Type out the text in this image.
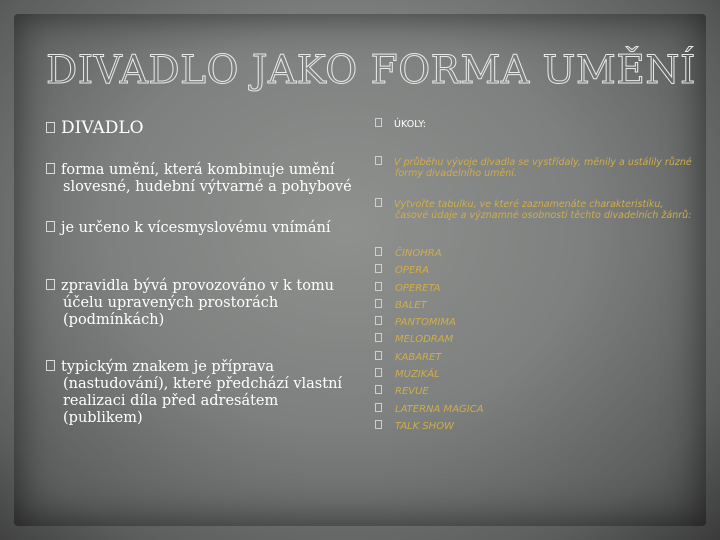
DIVADLO JAKO FORMA UMĚNÍ
DIVADLO
forma umění, která kombinuje umění slovesné, hudební výtvarné a pohybové
je určeno k vícesmyslovému vnímání
zpravidla bývá provozováno v k tomu účelu upravených prostorách (podmínkách)
typickým znakem je příprava (nastudování), které předchází vlastní realizaci díla před adresátem (publikem)
ÚKOLY:
V průběhu vývoje divadla se vystřídaly, měnily a ustálily různé formy divadelního umění.
Vytvořte tabulku, ve které zaznamenáte charakteristiku, časové údaje a významné osobnosti těchto divadelních žánrů:
ČINOHRA
OPERA
OPERETA
BALET
PANTOMIMA
MELODRAM
KABARET
MUZIKÁL
REVUE
LATERNA MAGICA
TALK SHOW
